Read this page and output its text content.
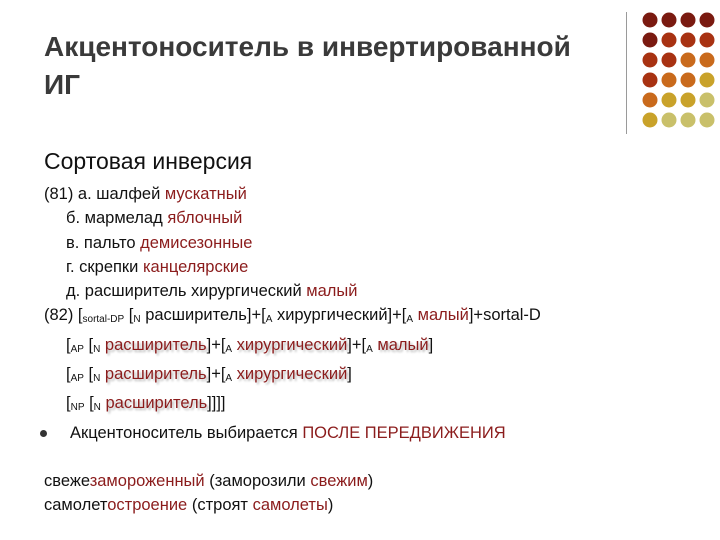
Акцентоноситель в инвертированной ИГ
Сортовая инверсия
(81) а. шалфей мускатный
б. мармелад яблочный
в. пальто демисезонные
г. скрепки канцелярские
д. расширитель хирургический малый
(82) [$_{sortal-DP}$ [$_N$ $расширитель]+[_A$ $хирургический]+[_A$ малый]+sortal-D
[$_{AP}$ [$_N$ $расширитель]+[_A$ $хирургический]+[_A$ малый]
[$_{AP}$ [$_N$ $расширитель]+[_A$ хирургический]
[$_{NP}$ [$_N$ расширитель]]]]
Акцентоноситель выбирается ПОСЛЕ ПЕРЕДВИЖЕНИЯ
свежезамороженный (заморозили свежим)
самолетостроение (строят самолеты)
